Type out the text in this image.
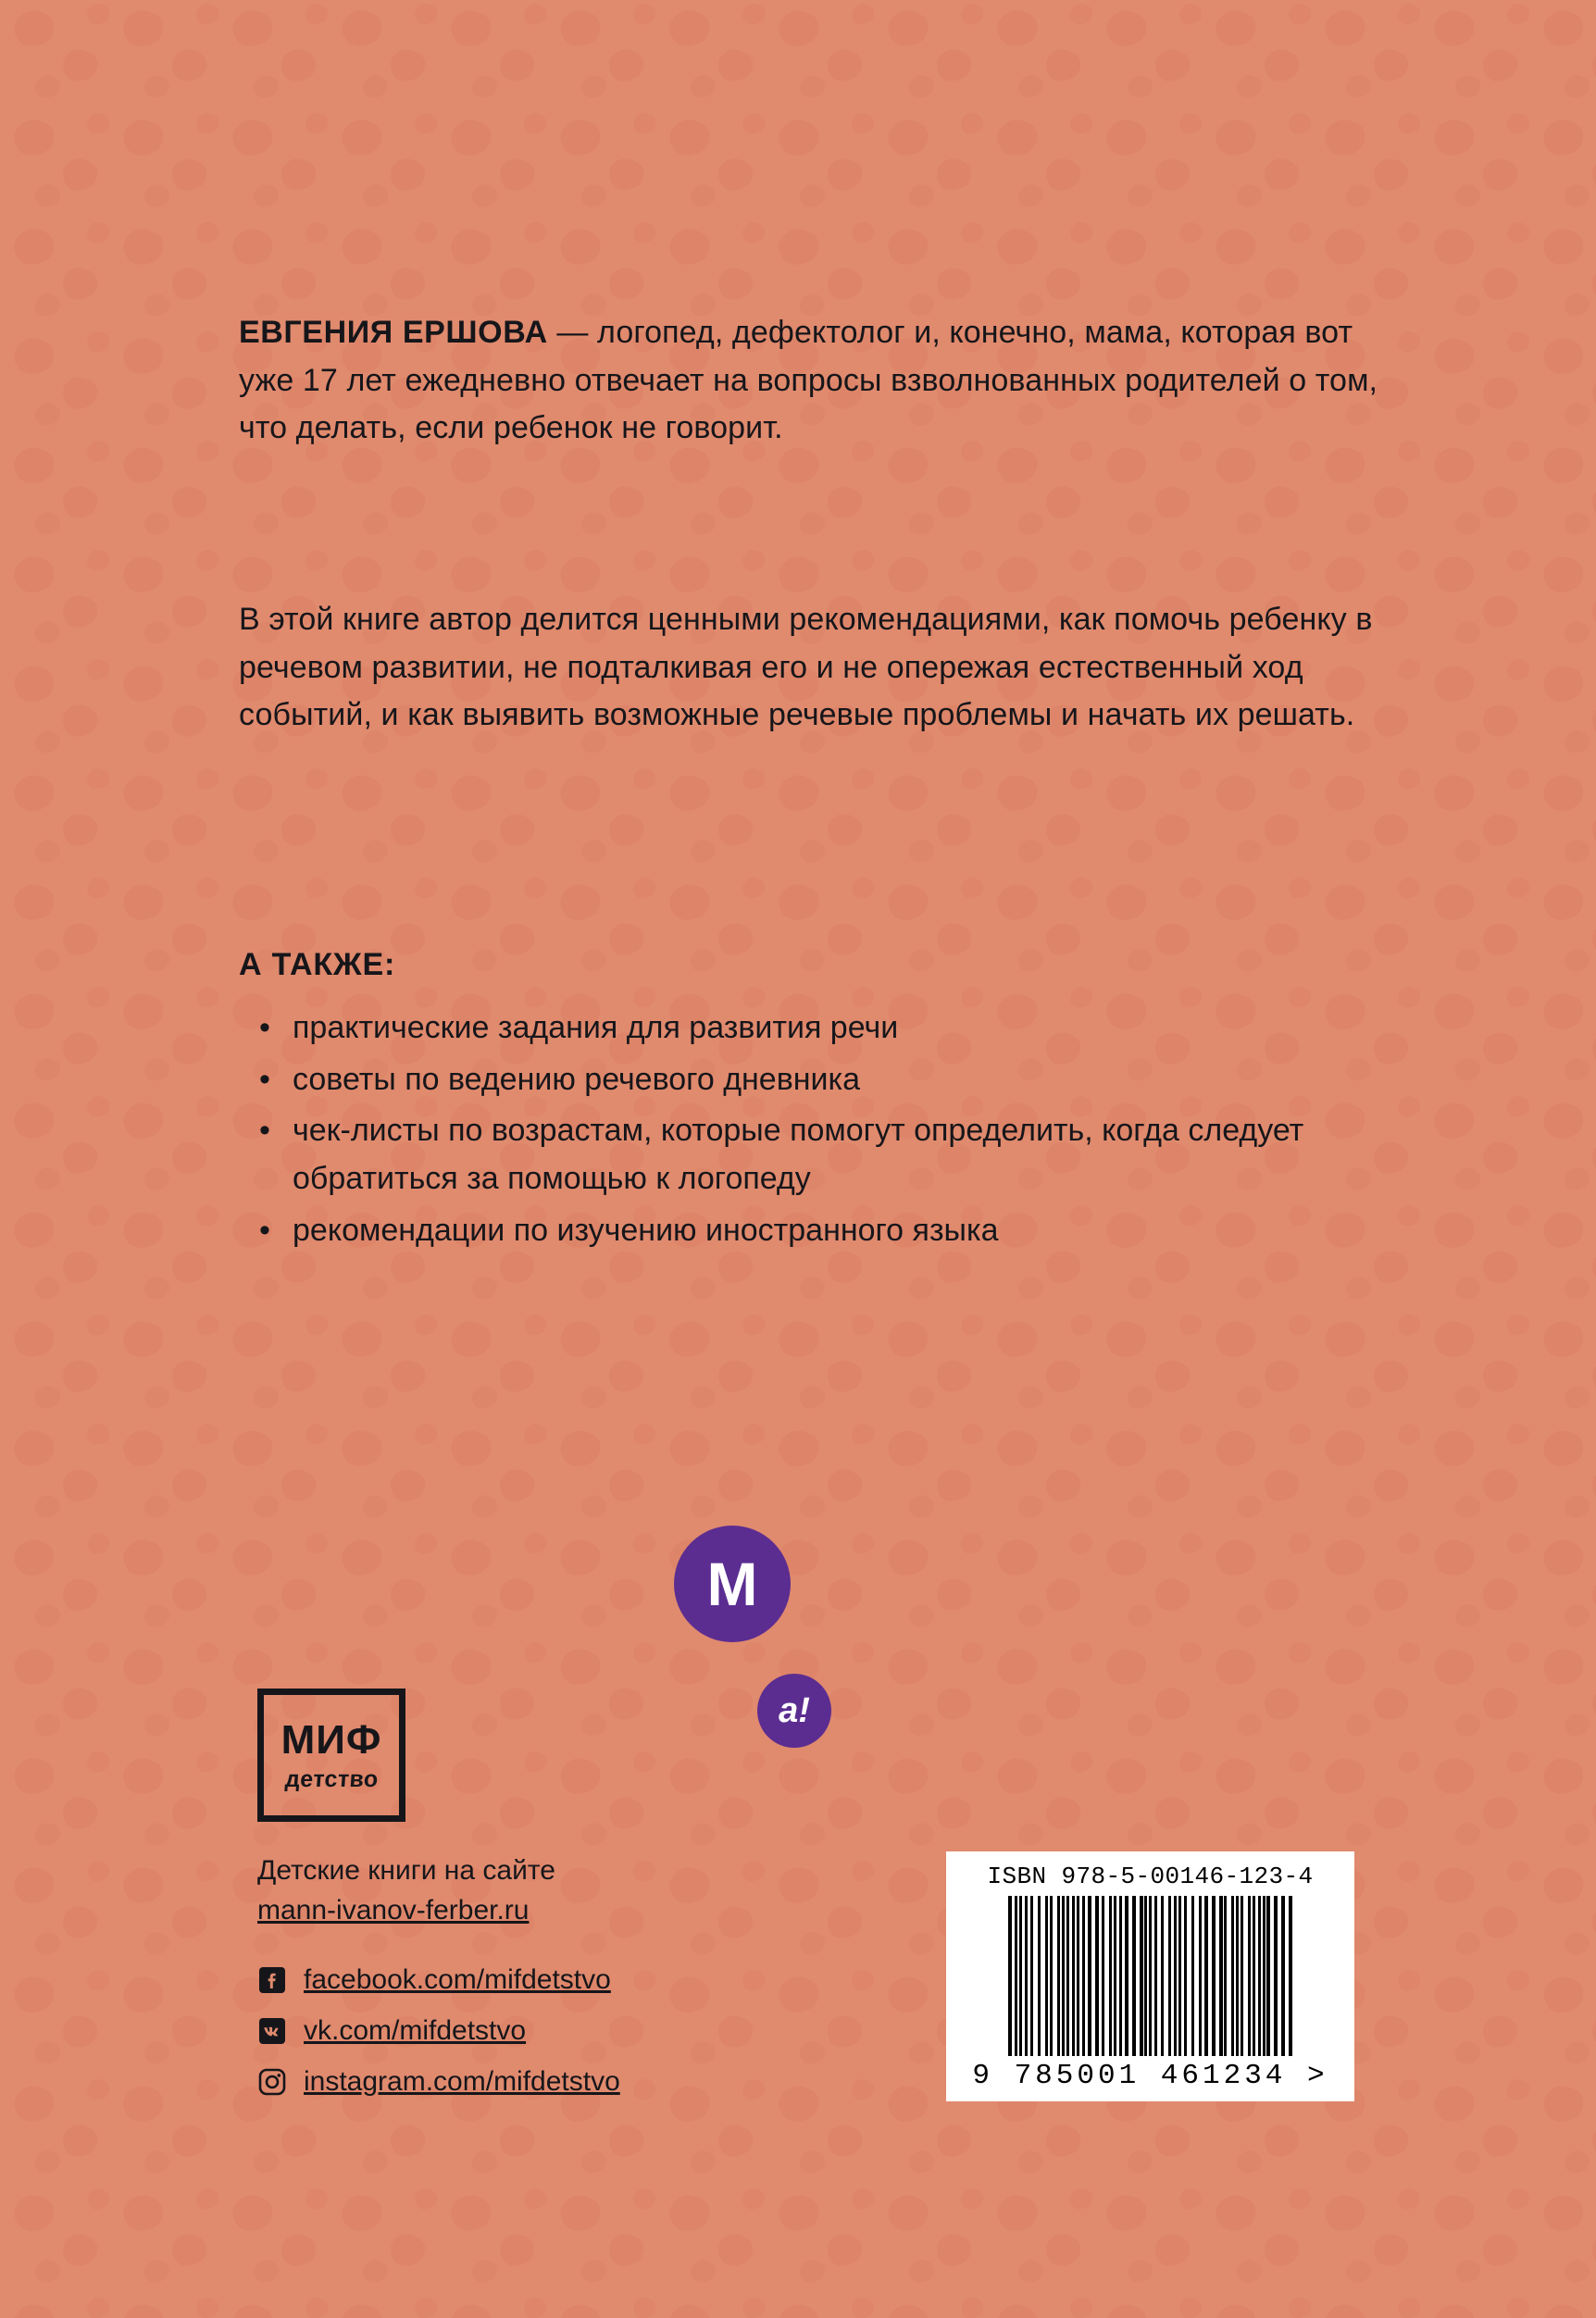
ЕВГЕНИЯ ЕРШОВА — логопед, дефектолог и, конечно, мама, которая вот уже 17 лет ежедневно отвечает на вопросы взволнованных родителей о том, что делать, если ребенок не говорит.

В этой книге автор делится ценными рекомендациями, как помочь ребенку в речевом развитии, не подталкивая его и не опережая естественный ход событий, и как выявить возможные речевые проблемы и начать их решать.

А ТАКЖЕ:
• практические задания для развития речи
• советы по ведению речевого дневника
• чек-листы по возрастам, которые помогут определить, когда следует обратиться за помощью к логопеду
• рекомендации по изучению иностранного языка
М
а!
МИФ
детство
Детские книги на сайте
mann-ivanov-ferber.ru
facebook.com/mifdetstvo
vk.com/mifdetstvo
instagram.com/mifdetstvo
ISBN 978-5-00146-123-4
9 785001 461234 >
